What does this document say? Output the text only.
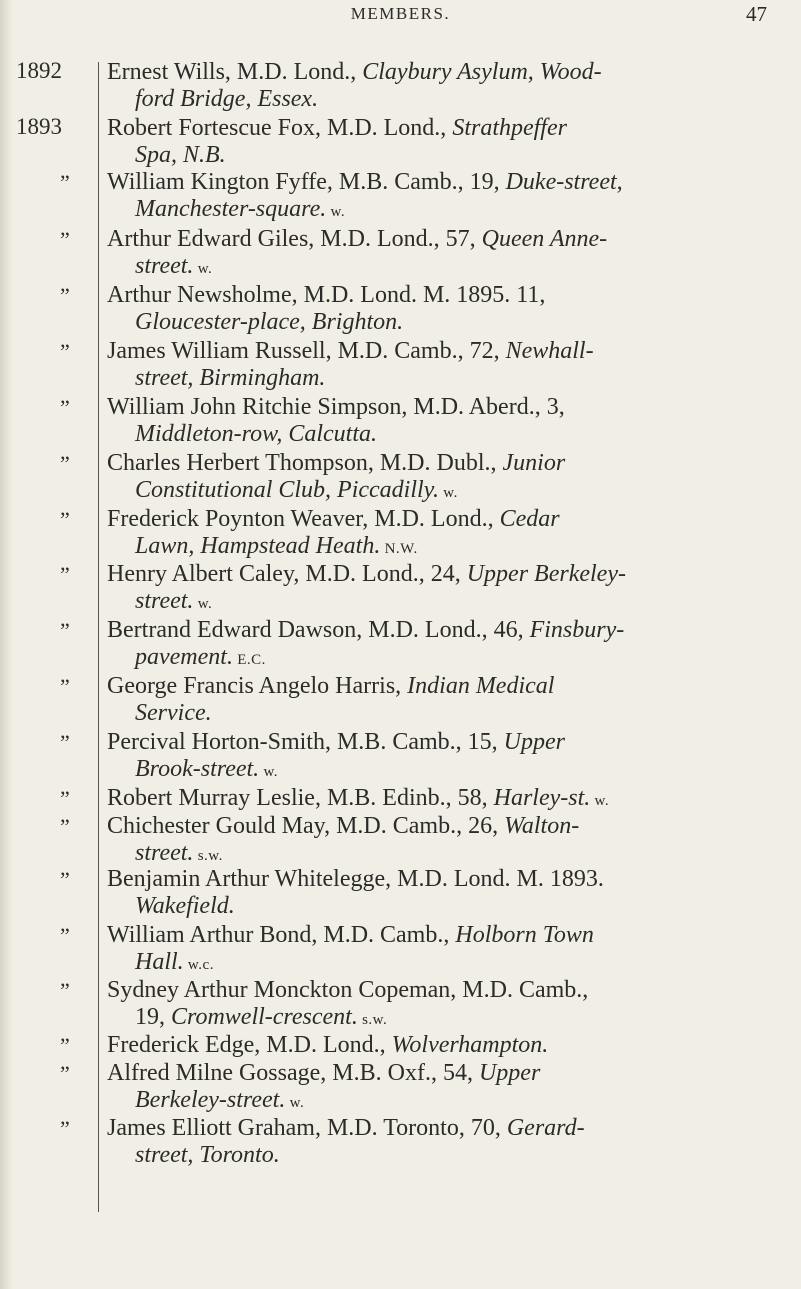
MEMBERS.	47
1892	Ernest Wills, M.D. Lond., Claybury Asylum, Wood-
ford Bridge, Essex.
1893	Robert Fortescue Fox, M.D. Lond., Strathpeffer
Spa, N.B.
” William Kington Fyffe, M.B. Camb., 19, Duke-street,
Manchester-square. w.
” Arthur Edward Giles, M.D. Lond., 57, Queen Anne-
street. w.
” Arthur Newsholme, M.D. Lond. M. 1895. 11,
Gloucester-place, Brighton.
” James William Russell, M.D. Camb., 72, Newhall-
street, Birmingham.
” William John Ritchie Simpson, M.D. Aberd., 3,
Middleton-row, Calcutta.
” Charles Herbert Thompson, M.D. Dubl., Junior
Constitutional Club, Piccadilly. w.
” Frederick Poynton Weaver, M.D. Lond., Cedar
Lawn, Hampstead Heath. N.W.
” Henry Albert Caley, M.D. Lond., 24, Upper Berkeley-
street. w.
” Bertrand Edward Dawson, M.D. Lond., 46, Finsbury-
pavement. E.C.
” George Francis Angelo Harris, Indian Medical
Service.
” Percival Horton-Smith, M.B. Camb., 15, Upper
Brook-street. w.
” Robert Murray Leslie, M.B. Edinb., 58, Harley-st. w.
” Chichester Gould May, M.D. Camb., 26, Walton-
street. s.w.
” Benjamin Arthur Whitelegge, M.D. Lond. M. 1893.
Wakefield.
” William Arthur Bond, M.D. Camb., Holborn Town
Hall. w.c.
” Sydney Arthur Monckton Copeman, M.D. Camb.,
19, Cromwell-crescent. s.w.
” Frederick Edge, M.D. Lond., Wolverhampton.
” Alfred Milne Gossage, M.B. Oxf., 54, Upper
Berkeley-street. w.
” James Elliott Graham, M.D. Toronto, 70, Gerard-
street, Toronto.
